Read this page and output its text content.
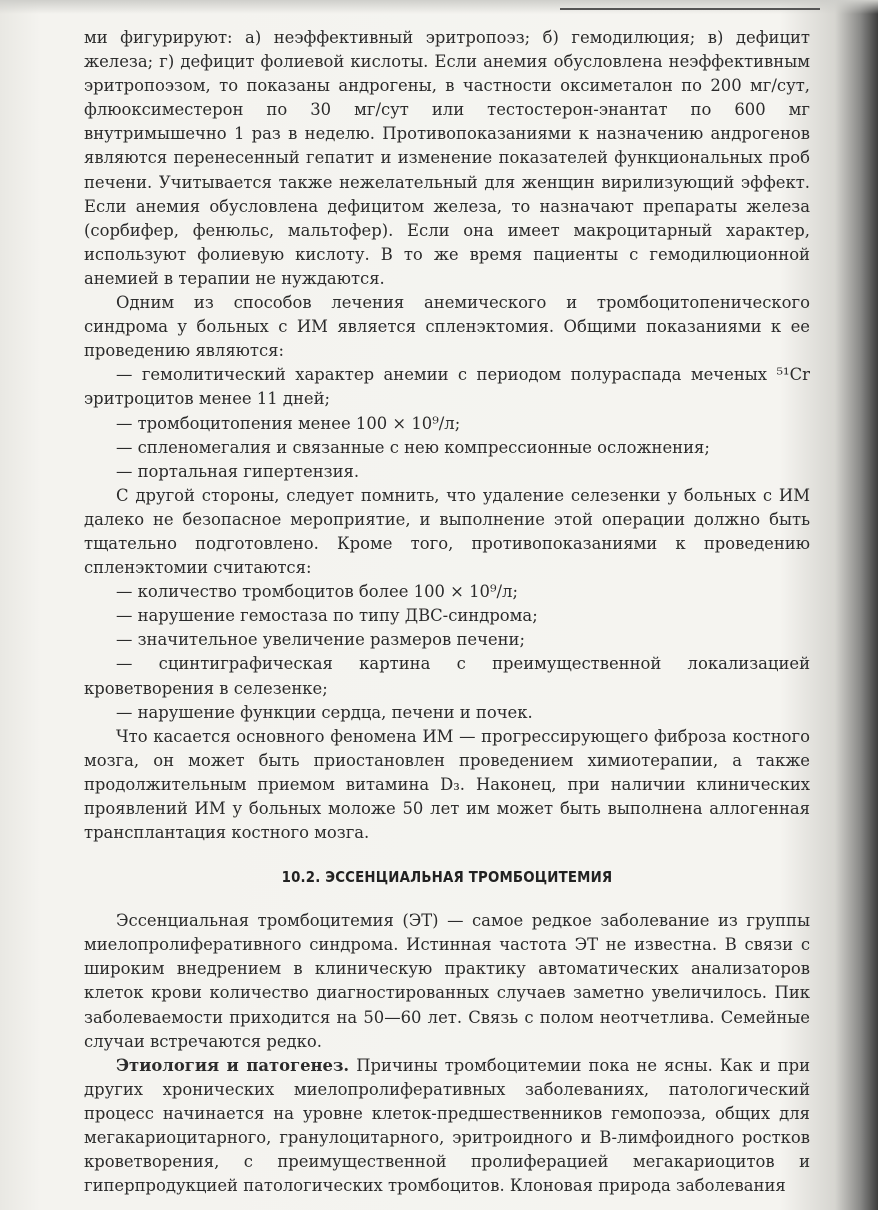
ми фигурируют: а) неэффективный эритропоэз; б) гемодилюция; в) дефицит железа; г) дефицит фолиевой кислоты. Если анемия обусловлена неэффективным эритропоэзом, то показаны андрогены, в частности оксиметалон по 200 мг/сут, флюоксиместерон по 30 мг/сут или тестостерон-энантат по 600 мг внутримышечно 1 раз в неделю. Противопоказаниями к назначению андрогенов являются перенесенный гепатит и изменение показателей функциональных проб печени. Учитывается также нежелательный для женщин вирилизующий эффект. Если анемия обусловлена дефицитом железа, то назначают препараты железа (сорбифер, фенюльс, мальтофер). Если она имеет макроцитарный характер, используют фолиевую кислоту. В то же время пациенты с гемодилюционной анемией в терапии не нуждаются.

Одним из способов лечения анемического и тромбоцитопенического синдрома у больных с ИМ является спленэктомия. Общими показаниями к ее проведению являются:

— гемолитический характер анемии с периодом полураспада меченых ⁵¹Cr эритроцитов менее 11 дней;

— тромбоцитопения менее 100 × 10⁹/л;

— спленомегалия и связанные с нею компрессионные осложнения;

— портальная гипертензия.

С другой стороны, следует помнить, что удаление селезенки у больных с ИМ далеко не безопасное мероприятие, и выполнение этой операции должно быть тщательно подготовлено. Кроме того, противопоказаниями к проведению спленэктомии считаются:

— количество тромбоцитов более 100 × 10⁹/л;

— нарушение гемостаза по типу ДВС-синдрома;

— значительное увеличение размеров печени;

— сцинтиграфическая картина с преимущественной локализацией кроветворения в селезенке;

— нарушение функции сердца, печени и почек.

Что касается основного феномена ИМ — прогрессирующего фиброза костного мозга, он может быть приостановлен проведением химиотерапии, а также продолжительным приемом витамина D₃. Наконец, при наличии клинических проявлений ИМ у больных моложе 50 лет им может быть выполнена аллогенная трансплантация костного мозга.

10.2. ЭССЕНЦИАЛЬНАЯ ТРОМБОЦИТЕМИЯ

Эссенциальная тромбоцитемия (ЭТ) — самое редкое заболевание из группы миелопролиферативного синдрома. Истинная частота ЭТ не известна. В связи с широким внедрением в клиническую практику автоматических анализаторов клеток крови количество диагностированных случаев заметно увеличилось. Пик заболеваемости приходится на 50—60 лет. Связь с полом неотчетлива. Семейные случаи встречаются редко.

Этиология и патогенез. Причины тромбоцитемии пока не ясны. Как и при других хронических миелопролиферативных заболеваниях, патологический процесс начинается на уровне клеток-предшественников гемопоэза, общих для мегакариоцитарного, гранулоцитарного, эритроидного и В-лимфоидного ростков кроветворения, с преимущественной пролиферацией мегакариоцитов и гиперпродукцией патологических тромбоцитов. Клоновая природа заболевания
